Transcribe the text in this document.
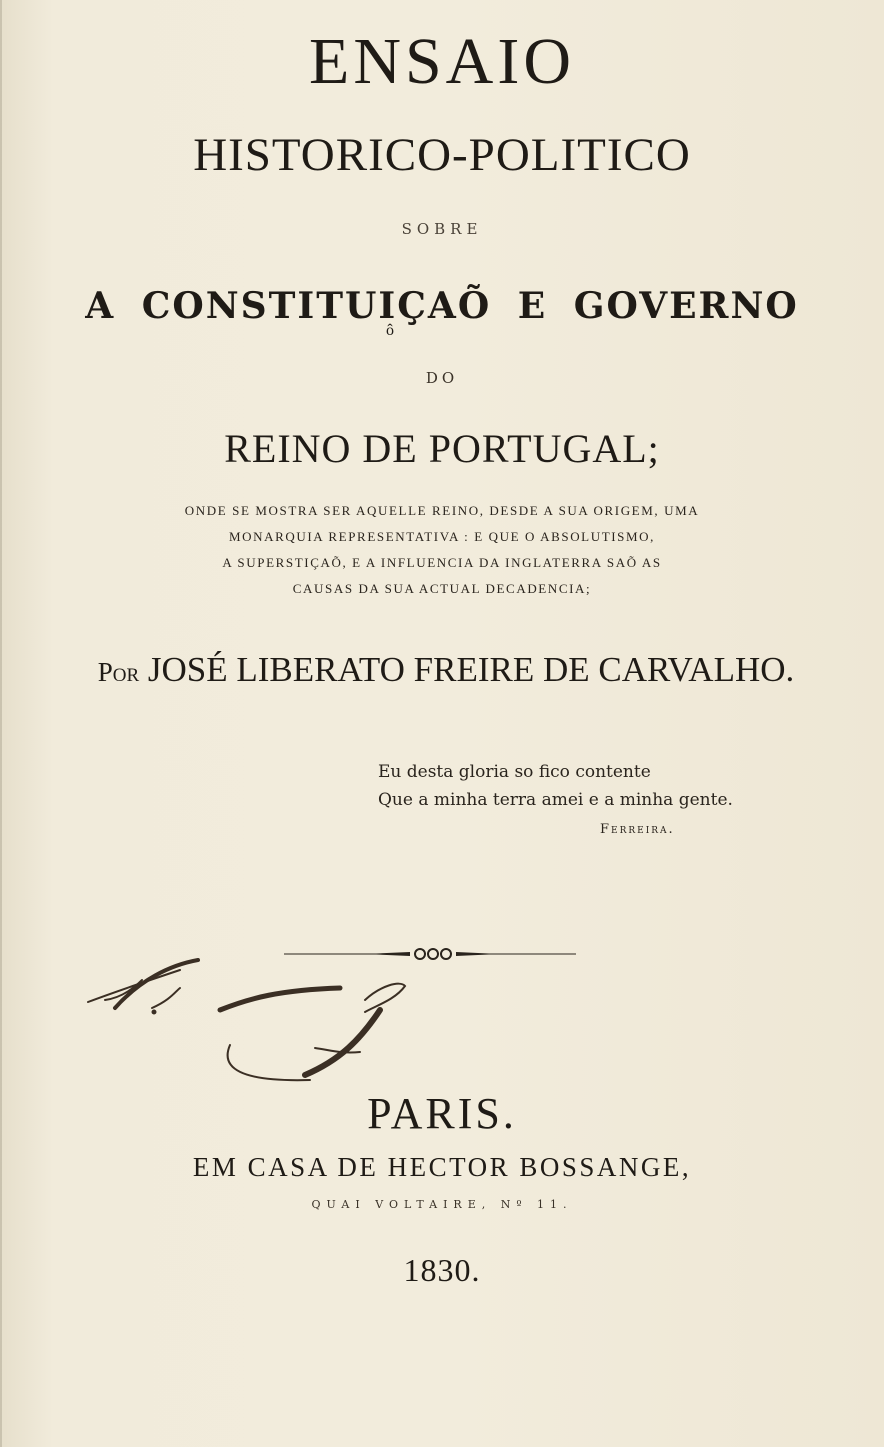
ENSAIO
HISTORICO-POLITICO
SOBRE
A CONSTITUIÇAÕ E GOVERNO
ô
DO
REINO DE PORTUGAL;
ONDE SE MOSTRA SER AQUELLE REINO, DESDE A SUA ORIGEM, UMA
MONARQUIA REPRESENTATIVA : E QUE O ABSOLUTISMO,
A SUPERSTIÇAÕ, E A INFLUENCIA DA INGLATERRA SAÕ AS
CAUSAS DA SUA ACTUAL DECADENCIA;
Por JOSÉ LIBERATO FREIRE DE CARVALHO.
Eu desta gloria so fico contente
Que a minha terra amei e a minha gente.
Ferreira.
PARIS.
EM CASA DE HECTOR BOSSANGE,
QUAI VOLTAIRE, Nº 11.
1830.
